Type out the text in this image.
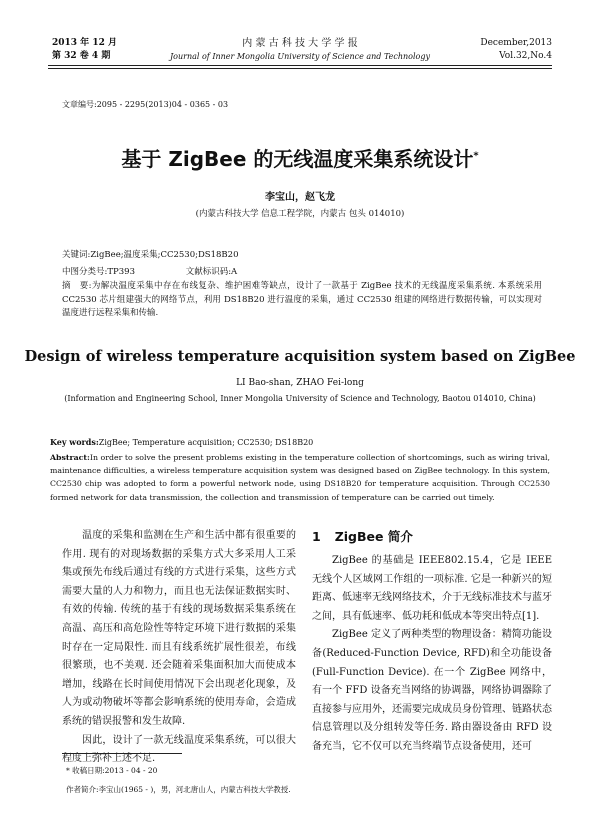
2013 年 12 月
第 32 卷 4 期
内 蒙 古 科 技 大 学 学 报
Journal of Inner Mongolia University of Science and Technology
December,2013
Vol.32,No.4
文章编号:2095 - 2295(2013)04 - 0365 - 03
基于 ZigBee 的无线温度采集系统设计*
李宝山，赵飞龙
(内蒙古科技大学 信息工程学院，内蒙古 包头 014010)
关键词:ZigBee;温度采集;CC2530;DS18B20
中图分类号:TP393	文献标识码:A
摘　要:为解决温度采集中存在布线复杂、维护困难等缺点，设计了一款基于 ZigBee 技术的无线温度采集系统. 本系统采用 CC2530 芯片组建强大的网络节点，利用 DS18B20 进行温度的采集，通过 CC2530 组建的网络进行数据传输，可以实现对温度进行远程采集和传输.
Design of wireless temperature acquisition system based on ZigBee
LI Bao-shan, ZHAO Fei-long
(Information and Engineering School, Inner Mongolia University of Science and Technology, Baotou 014010, China)
Key words:ZigBee; Temperature acquisition; CC2530; DS18B20
Abstract:In order to solve the present problems existing in the temperature collection of shortcomings, such as wiring trival, maintenance difficulties, a wireless temperature acquisition system was designed based on ZigBee technology. In this system, CC2530 chip was adopted to form a powerful network node, using DS18B20 for temperature acquisition. Through CC2530 formed network for data transmission, the collection and transmission of temperature can be carried out timely.

温度的采集和监测在生产和生活中都有很重要的作用. 现有的对现场数据的采集方式大多采用人工采集或预先布线后通过有线的方式进行采集，这些方式需要大量的人力和物力，而且也无法保证数据实时、有效的传输. 传统的基于有线的现场数据采集系统在高温、高压和高危险性等特定环境下进行数据的采集时存在一定局限性. 而且有线系统扩展性很差，布线很繁琐，也不美观. 还会随着采集面积加大而使成本增加，线路在长时间使用情况下会出现老化现象，及人为或动物破坏等都会影响系统的使用寿命，会造成系统的错误报警和发生故障.

因此，设计了一款无线温度采集系统，可以很大程度上弥补上述不足.

1 ZigBee 简介

ZigBee 的基础是 IEEE802.15.4，它是 IEEE 无线个人区域网工作组的一项标准. 它是一种新兴的短距离、低速率无线网络技术，介于无线标准技术与蓝牙之间，具有低速率、低功耗和低成本等突出特点[1].

ZigBee 定义了两种类型的物理设备：精简功能设备(Reduced-Function Device, RFD)和全功能设备(Full-Function Device). 在一个 ZigBee 网络中，有一个 FFD 设备充当网络的协调器，网络协调器除了直接参与应用外，还需要完成成员身份管理、链路状态信息管理以及分组转发等任务. 路由器设备由 RFD 设备充当，它不仅可以充当终端节点设备使用，还可

* 收稿日期:2013 - 04 - 20
作者简介:李宝山(1965 - )，男，河北唐山人，内蒙古科技大学教授.
